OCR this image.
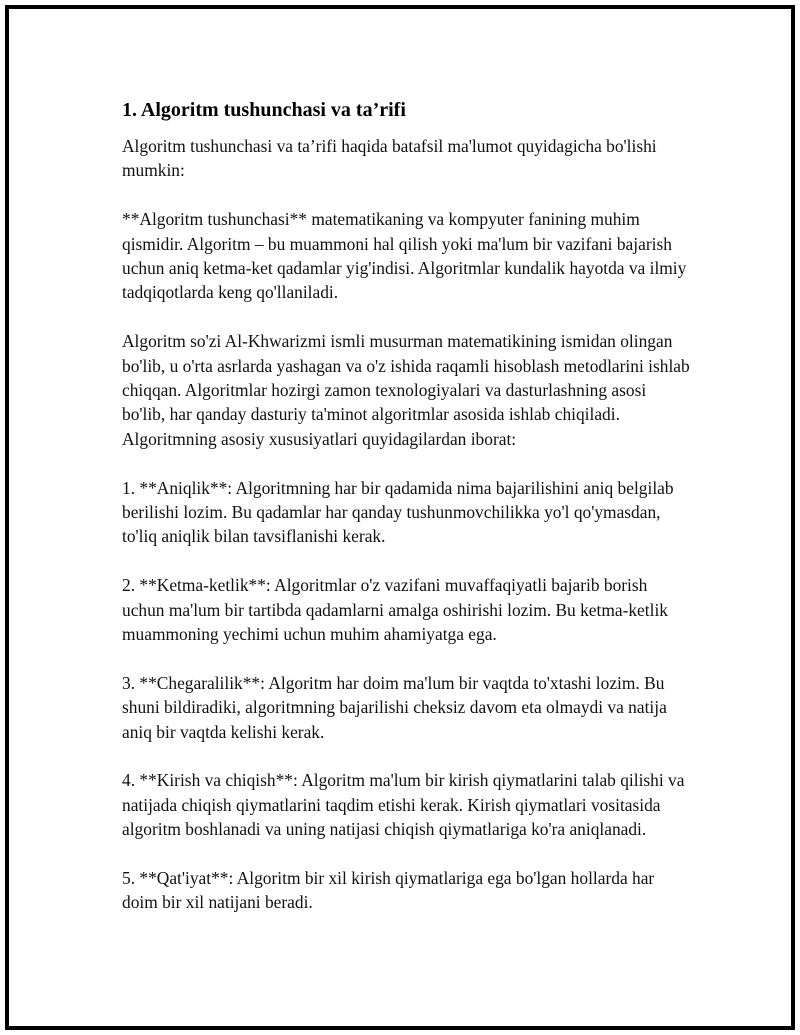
1. Algoritm tushunchasi va ta’rifi

Algoritm tushunchasi va ta’rifi haqida batafsil ma'lumot quyidagicha bo'lishi mumkin:

**Algoritm tushunchasi** matematikaning va kompyuter fanining muhim qismidir. Algoritm – bu muammoni hal qilish yoki ma'lum bir vazifani bajarish uchun aniq ketma-ket qadamlar yig'indisi. Algoritmlar kundalik hayotda va ilmiy tadqiqotlarda keng qo'llaniladi.

Algoritm so'zi Al-Khwarizmi ismli musurman matematikining ismidan olingan bo'lib, u o'rta asrlarda yashagan va o'z ishida raqamli hisoblash metodlarini ishlab chiqqan. Algoritmlar hozirgi zamon texnologiyalari va dasturlashning asosi bo'lib, har qanday dasturiy ta'minot algoritmlar asosida ishlab chiqiladi. Algoritmning asosiy xususiyatlari quyidagilardan iborat:

1. **Aniqlik**: Algoritmning har bir qadamida nima bajarilishini aniq belgilab berilishi lozim. Bu qadamlar har qanday tushunmovchilikka yo'l qo'ymasdan, to'liq aniqlik bilan tavsiflanishi kerak.

2. **Ketma-ketlik**: Algoritmlar o'z vazifani muvaffaqiyatli bajarib borish uchun ma'lum bir tartibda qadamlarni amalga oshirishi lozim. Bu ketma-ketlik muammoning yechimi uchun muhim ahamiyatga ega.

3. **Chegaralilik**: Algoritm har doim ma'lum bir vaqtda to'xtashi lozim. Bu shuni bildiradiki, algoritmning bajarilishi cheksiz davom eta olmaydi va natija aniq bir vaqtda kelishi kerak.

4. **Kirish va chiqish**: Algoritm ma'lum bir kirish qiymatlarini talab qilishi va natijada chiqish qiymatlarini taqdim etishi kerak. Kirish qiymatlari vositasida algoritm boshlanadi va uning natijasi chiqish qiymatlariga ko'ra aniqlanadi.

5. **Qat'iyat**: Algoritm bir xil kirish qiymatlariga ega bo'lgan hollarda har doim bir xil natijani beradi.
